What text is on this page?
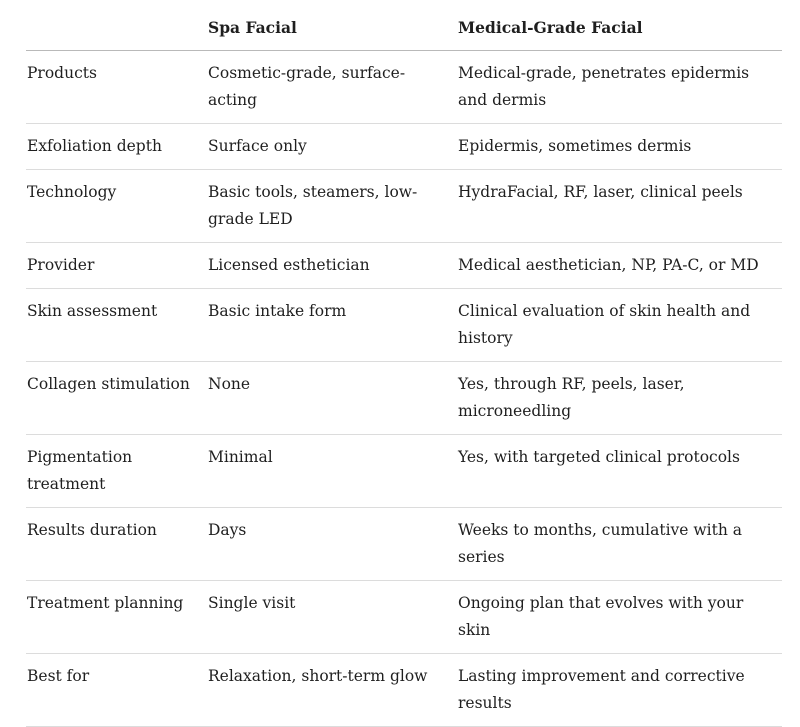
	Spa Facial	Medical-Grade Facial
Products	Cosmetic-grade, surface-acting	Medical-grade, penetrates epidermis and dermis
Exfoliation depth	Surface only	Epidermis, sometimes dermis
Technology	Basic tools, steamers, low-grade LED	HydraFacial, RF, laser, clinical peels
Provider	Licensed esthetician	Medical aesthetician, NP, PA-C, or MD
Skin assessment	Basic intake form	Clinical evaluation of skin health and history
Collagen stimulation	None	Yes, through RF, peels, laser, microneedling
Pigmentation treatment	Minimal	Yes, with targeted clinical protocols
Results duration	Days	Weeks to months, cumulative with a series
Treatment planning	Single visit	Ongoing plan that evolves with your skin
Best for	Relaxation, short-term glow	Lasting improvement and corrective results
